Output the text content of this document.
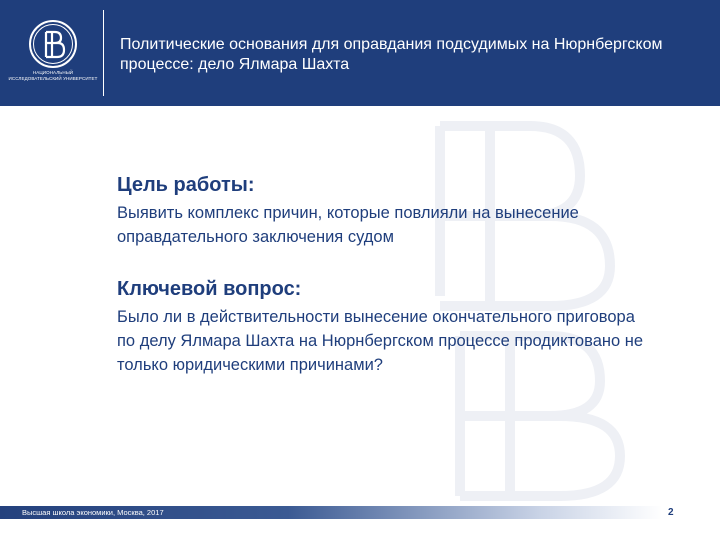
НАЦИОНАЛЬНЫЙ ИССЛЕДОВАТЕЛЬСКИЙ УНИВЕРСИТЕТ
Политические основания для оправдания подсудимых на Нюрнбергском процессе: дело Ялмара Шахта

Цель работы:

Выявить комплекс причин, которые повлияли на вынесение оправдательного заключения судом

Ключевой вопрос:

Было ли в действительности вынесение окончательного приговора по делу Ялмара Шахта на Нюрнбергском процессе продиктовано не только юридическими причинами?

Высшая школа экономики, Москва, 2017	2
